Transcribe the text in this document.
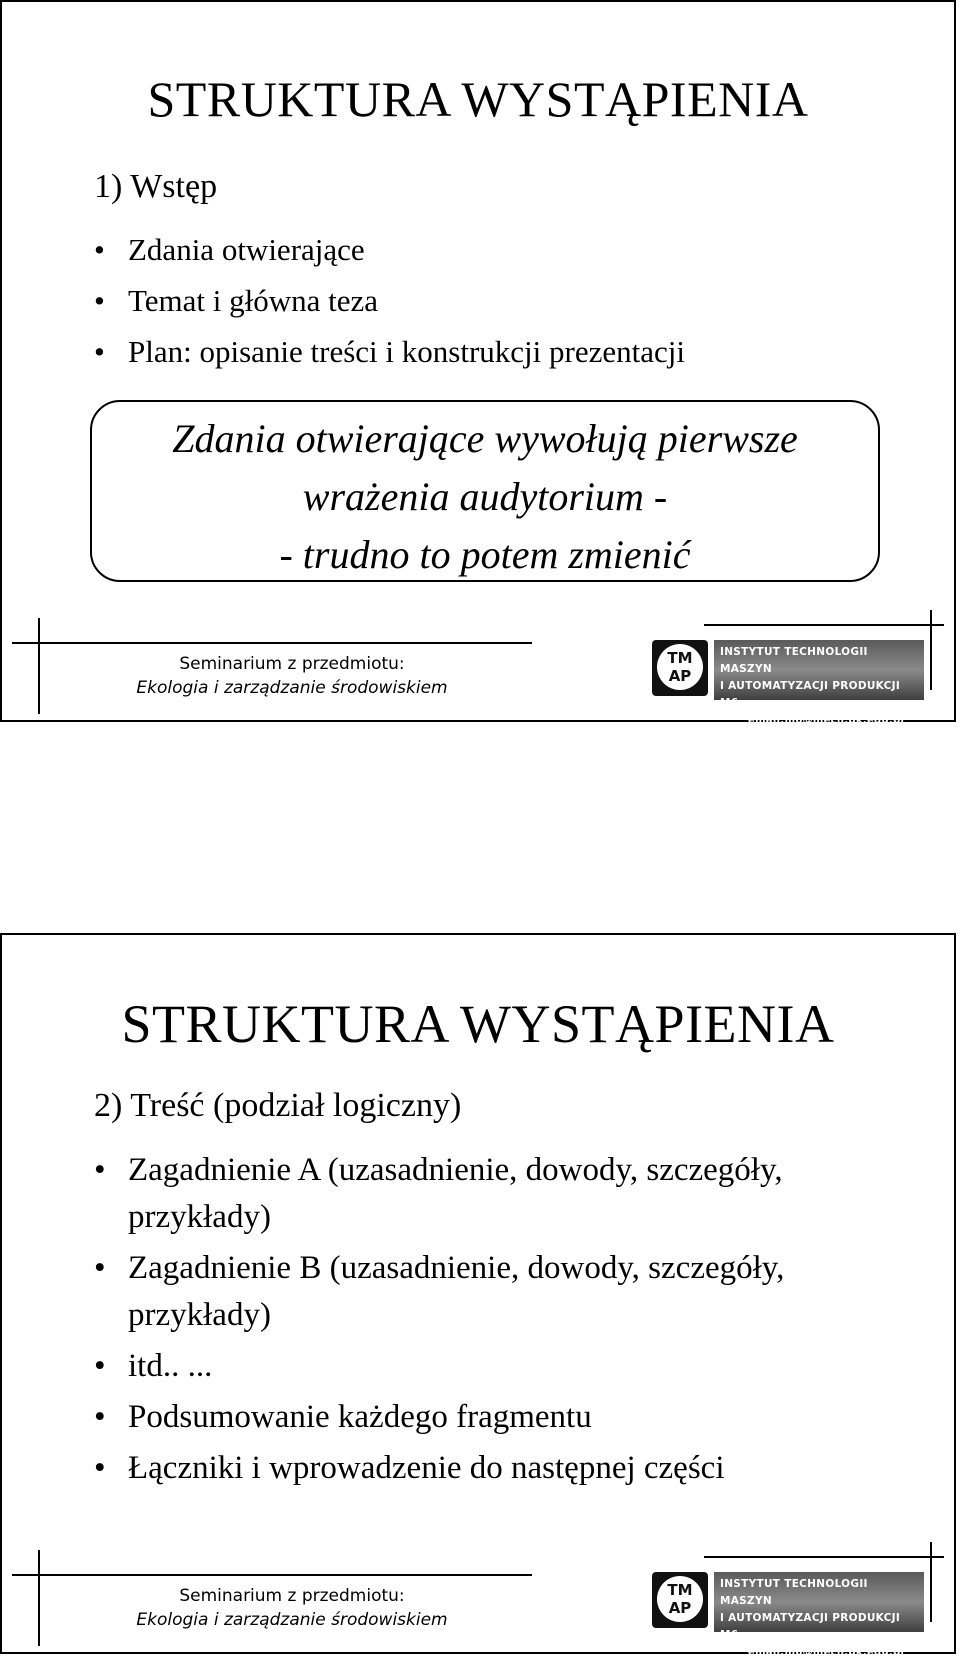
STRUKTURA WYSTĄPIENIA
1) Wstęp
• Zdania otwierające
• Temat i główna teza
• Plan: opisanie treści i konstrukcji prezentacji
Zdania otwierające wywołują pierwsze
wrażenia audytorium -
- trudno to potem zmienić
Seminarium z przedmiotu:
Ekologia i zarządzanie środowiskiem
TM
AP
INSTYTUT TECHNOLOGII MASZYN
I AUTOMATYZACJI PRODUKCJI M6
email:m6@mech.pk.edu.pl
STRUKTURA WYSTĄPIENIA
2) Treść (podział logiczny)
• Zagadnienie A (uzasadnienie, dowody, szczegóły, przykłady)
• Zagadnienie B (uzasadnienie, dowody, szczegóły, przykłady)
• itd.. ...
• Podsumowanie każdego fragmentu
• Łączniki i wprowadzenie do następnej części
Seminarium z przedmiotu:
Ekologia i zarządzanie środowiskiem
TM
AP
INSTYTUT TECHNOLOGII MASZYN
I AUTOMATYZACJI PRODUKCJI M6
email:m6@mech.pk.edu.pl
